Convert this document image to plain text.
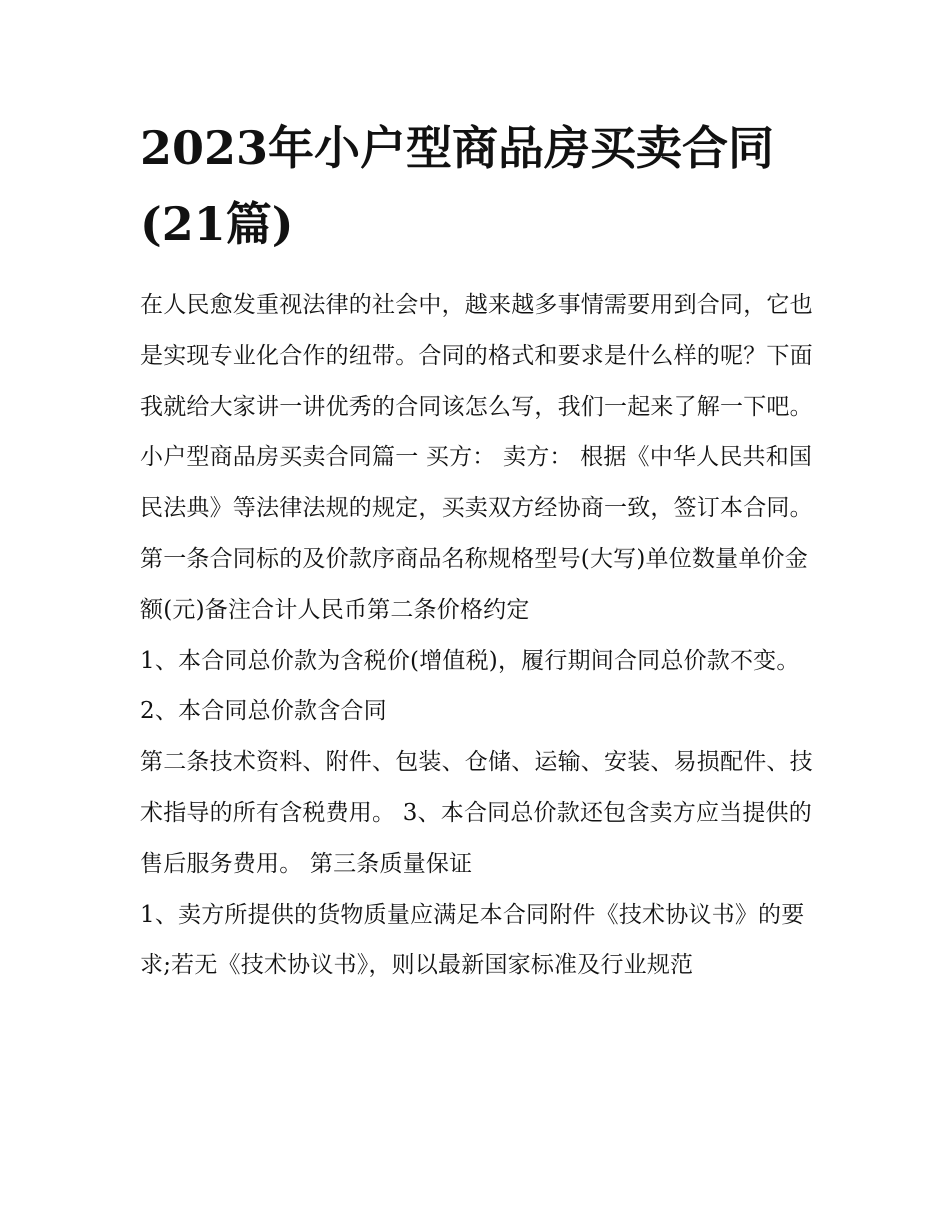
2023年小户型商品房买卖合同
(21篇)

在人民愈发重视法律的社会中，越来越多事情需要用到合同，它也是实现专业化合作的纽带。合同的格式和要求是什么样的呢？下面我就给大家讲一讲优秀的合同该怎么写，我们一起来了解一下吧。

小户型商品房买卖合同篇一 买方： 卖方： 根据《中华人民共和国民法典》等法律法规的规定，买卖双方经协商一致，签订本合同。

第一条合同标的及价款序商品名称规格型号(大写)单位数量单价金额(元)备注合计人民币第二条价格约定

1、本合同总价款为含税价(增值税)，履行期间合同总价款不变。 2、本合同总价款含合同

第二条技术资料、附件、包装、仓储、运输、安装、易损配件、技术指导的所有含税费用。 3、本合同总价款还包含卖方应当提供的售后服务费用。 第三条质量保证

1、卖方所提供的货物质量应满足本合同附件《技术协议书》的要求;若无《技术协议书》，则以最新国家标准及行业规范
